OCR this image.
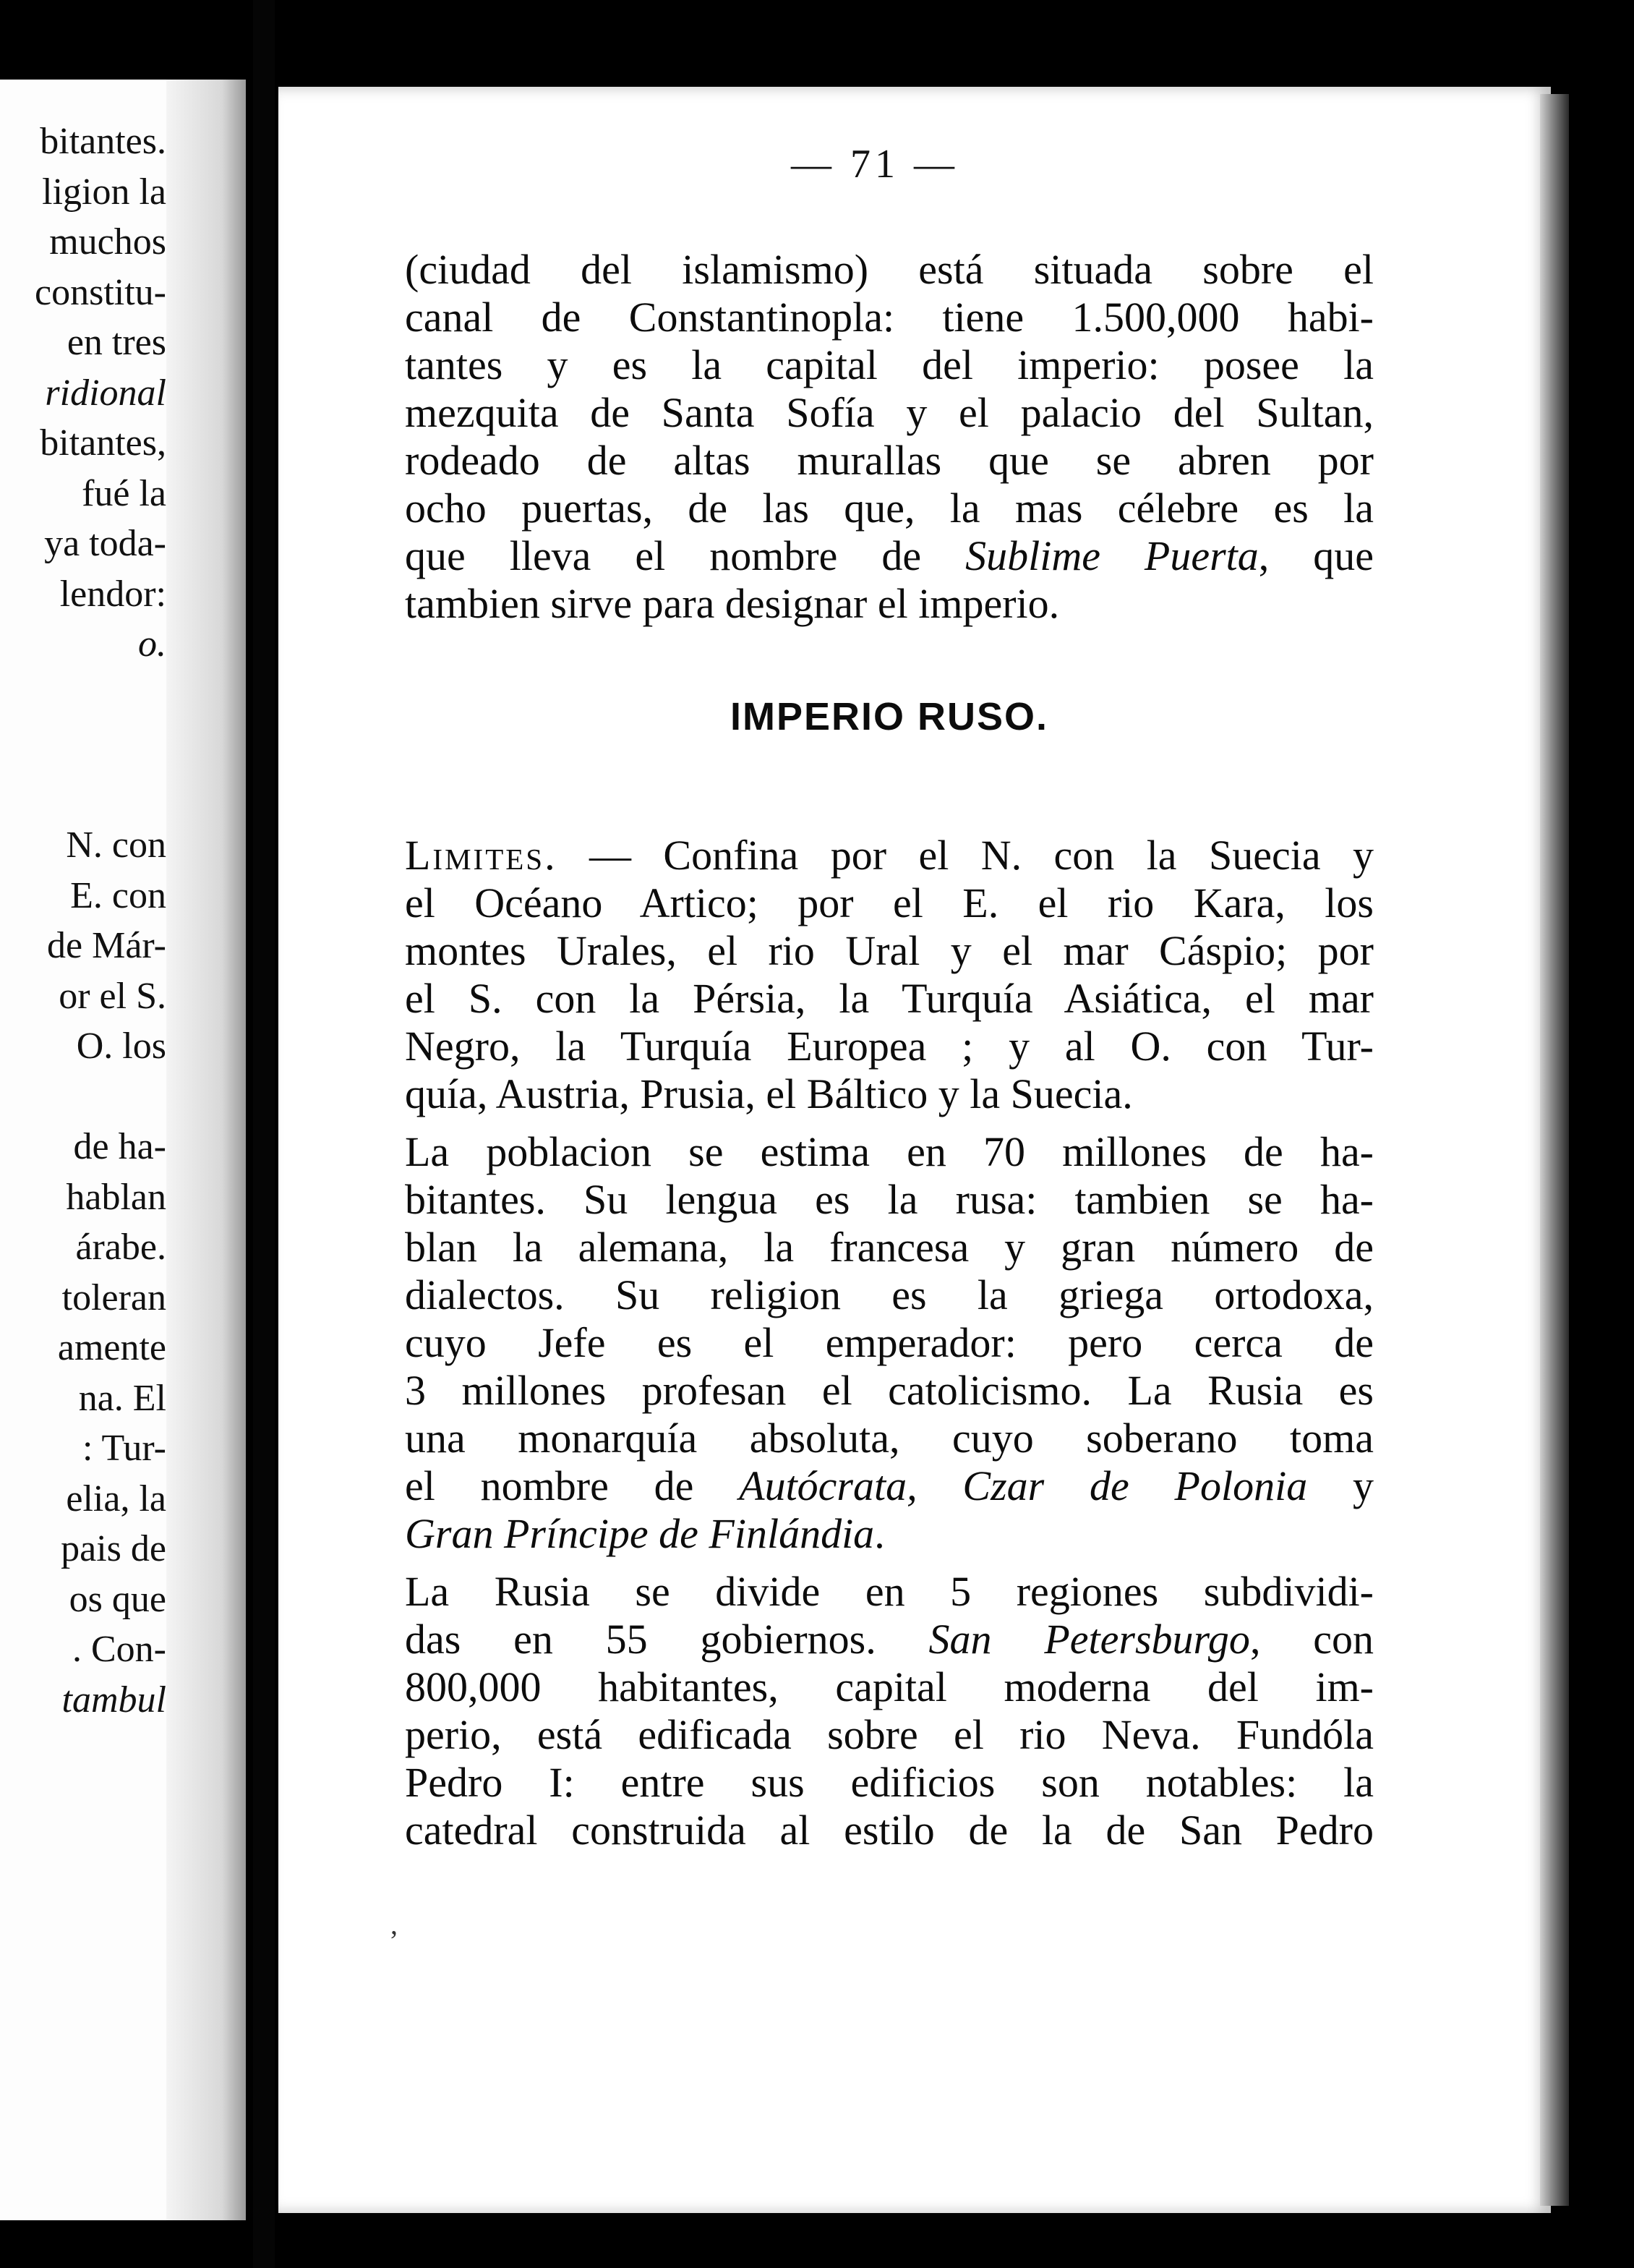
bitantes.
ligion la
muchos
constitu-
en tres
ridional
bitantes,
fué la
ya toda-
lendor:
o.
N. con
E. con
de Már-
or el S.
O. los
de ha-
hablan
árabe.
toleran
amente
na. El
: Tur-
elia, la
pais de
os que
. Con-
tambul
— 71 —
(ciudad del islamismo) está situada sobre el
canal de Constantinopla: tiene 1.500,000 habi-
tantes y es la capital del imperio: posee la
mezquita de Santa Sofía y el palacio del Sultan,
rodeado de altas murallas que se abren por
ocho puertas, de las que, la mas célebre es la
que lleva el nombre de Sublime Puerta, que
tambien sirve para designar el imperio.
IMPERIO RUSO.
Limites. — Confina por el N. con la Suecia y
el Océano Artico; por el E. el rio Kara, los
montes Urales, el rio Ural y el mar Cáspio; por
el S. con la Pérsia, la Turquía Asiática, el mar
Negro, la Turquía Europea ; y al O. con Tur-
quía, Austria, Prusia, el Báltico y la Suecia.
La poblacion se estima en 70 millones de ha-
bitantes. Su lengua es la rusa: tambien se ha-
blan la alemana, la francesa y gran número de
dialectos. Su religion es la griega ortodoxa,
cuyo Jefe es el emperador: pero cerca de
3 millones profesan el catolicismo. La Rusia es
una monarquía absoluta, cuyo soberano toma
el nombre de Autócrata, Czar de Polonia y
Gran Príncipe de Finlándia.
La Rusia se divide en 5 regiones subdividi-
das en 55 gobiernos. San Petersburgo, con
800,000 habitantes, capital moderna del im-
perio, está edificada sobre el rio Neva. Fundóla
Pedro I: entre sus edificios son notables: la
catedral construida al estilo de la de San Pedro
ʼ
